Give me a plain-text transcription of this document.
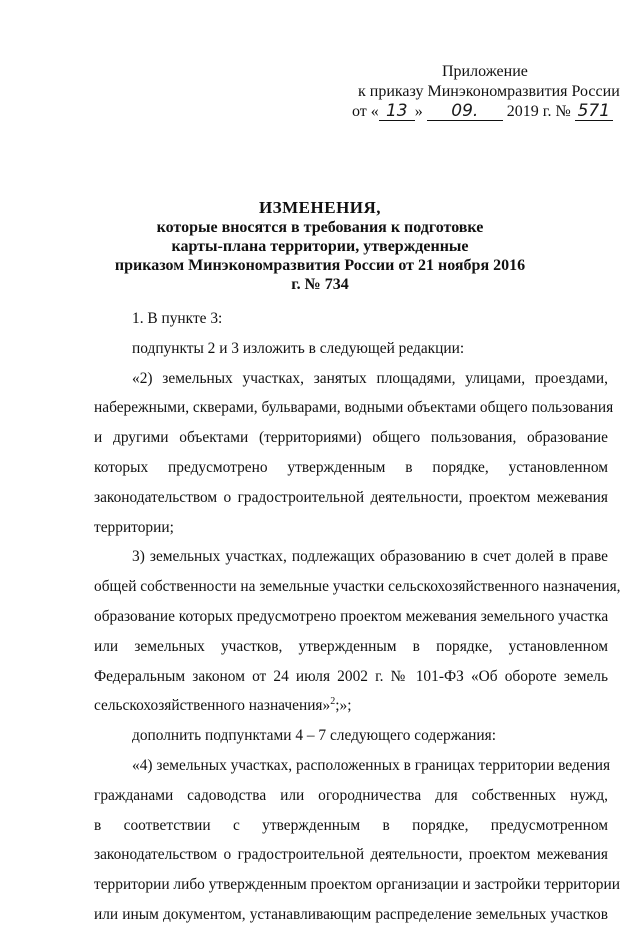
Приложение
к приказу Минэкономразвития России
от « 13 » 09. 2019 г. № 571
ИЗМЕНЕНИЯ,
которые вносятся в требования к подготовке
карты-плана территории, утвержденные
приказом Минэкономразвития России от 21 ноября 2016 г. № 734
1. В пункте 3:
подпункты 2 и 3 изложить в следующей редакции:
«2) земельных участках, занятых площадями, улицами, проездами,
набережными, скверами, бульварами, водными объектами общего пользования
и другими объектами (территориями) общего пользования, образование
которых предусмотрено утвержденным в порядке, установленном
законодательством о градостроительной деятельности, проектом межевания
территории;
3) земельных участках, подлежащих образованию в счет долей в праве
общей собственности на земельные участки сельскохозяйственного назначения,
образование которых предусмотрено проектом межевания земельного участка
или земельных участков, утвержденным в порядке, установленном
Федеральным законом от 24 июля 2002 г. № 101-ФЗ «Об обороте земель
сельскохозяйственного назначения»$^2$;»;
дополнить подпунктами 4 – 7 следующего содержания:
«4) земельных участках, расположенных в границах территории ведения
гражданами садоводства или огородничества для собственных нужд,
в соответствии с утвержденным в порядке, предусмотренном
законодательством о градостроительной деятельности, проектом межевания
территории либо утвержденным проектом организации и застройки территории
или иным документом, устанавливающим распределение земельных участков
